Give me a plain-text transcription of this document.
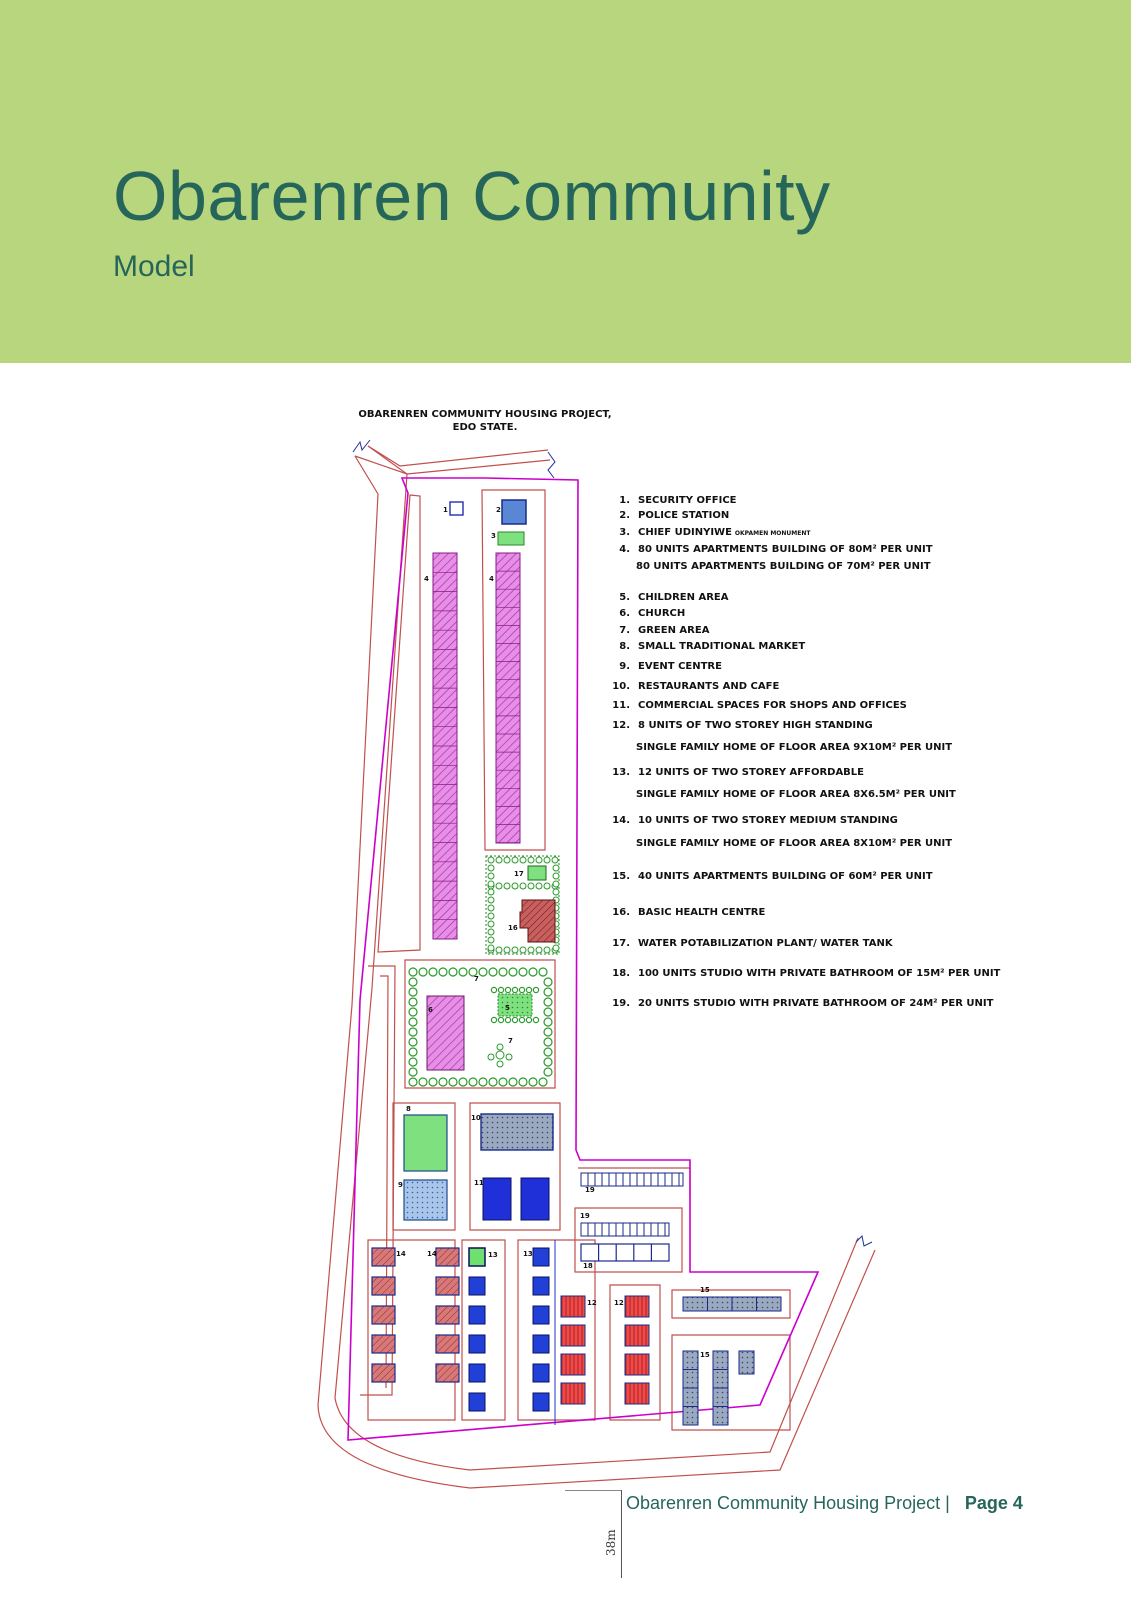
Obarenren Community
Model
OBARENREN COMMUNITY HOUSING PROJECT,
EDO STATE.
1	2
3
4	4
17
16
7
5
6
7
8
10
9	11
19
19
18
14	14	13	13
12 12
15
15
1. SECURITY OFFICE
2. POLICE STATION
3. CHIEF UDINYIWE OKPAMEN MONUMENT
4. 80 UNITS APARTMENTS BUILDING OF 80M² PER UNIT
80 UNITS APARTMENTS BUILDING OF 70M² PER UNIT
5. CHILDREN AREA
6. CHURCH
7. GREEN AREA
8. SMALL TRADITIONAL MARKET
9. EVENT CENTRE
10. RESTAURANTS AND CAFE
11. COMMERCIAL SPACES FOR SHOPS AND OFFICES
12. 8 UNITS OF TWO STOREY HIGH STANDING
SINGLE FAMILY HOME OF FLOOR AREA 9X10M² PER UNIT
13. 12 UNITS OF TWO STOREY AFFORDABLE
SINGLE FAMILY HOME OF FLOOR AREA 8X6.5M² PER UNIT
14. 10 UNITS OF TWO STOREY MEDIUM STANDING
SINGLE FAMILY HOME OF FLOOR AREA 8X10M² PER UNIT
15. 40 UNITS APARTMENTS BUILDING OF 60M² PER UNIT
16. BASIC HEALTH CENTRE
17. WATER POTABILIZATION PLANT/ WATER TANK
18. 100 UNITS STUDIO WITH PRIVATE BATHROOM OF 15M² PER UNIT
19. 20 UNITS STUDIO WITH PRIVATE BATHROOM OF 24M² PER UNIT
Obarenren Community Housing Project | Page 4
38m
